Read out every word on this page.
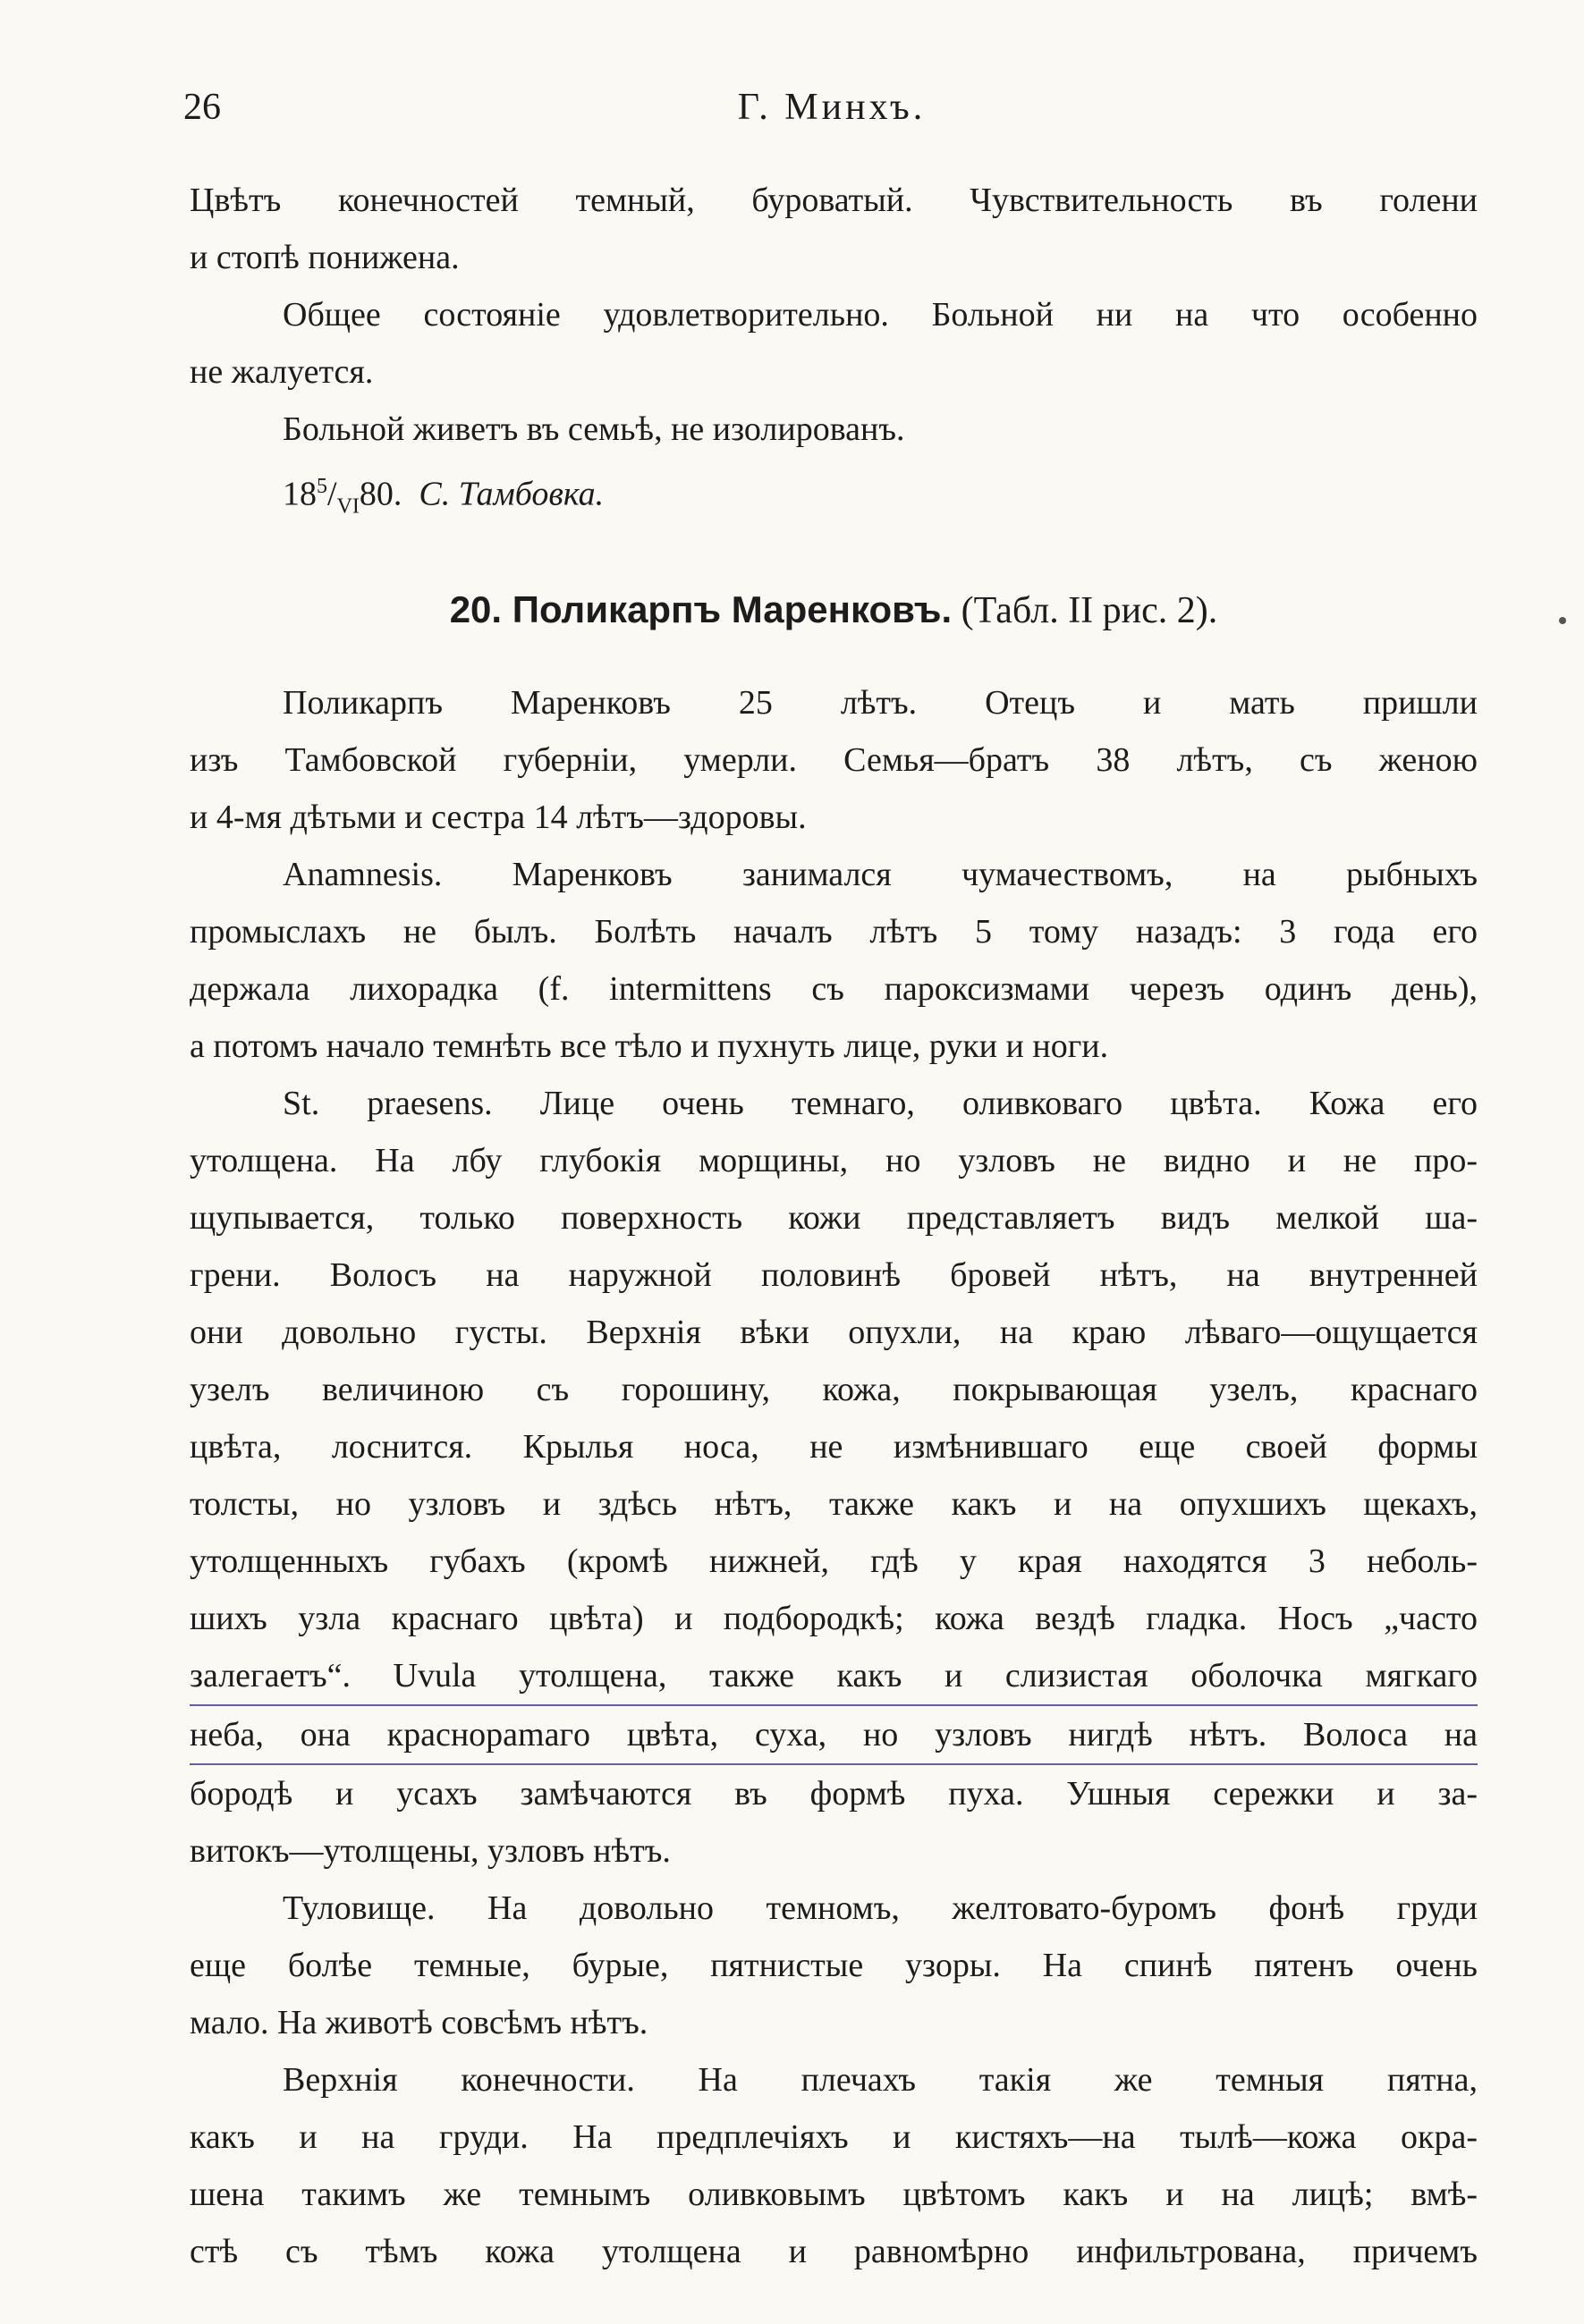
26	Г. Минхъ.
Цвѣтъ конечностей темный, буроватый. Чувствительность въ голени
и стопѣ понижена.
Общее состояніе удовлетворительно. Больной ни на что особенно
не жалуется.
Больной живетъ въ семьѣ, не изолированъ.
$18^5/_{VI}80$. С. Тамбовка.
20. Поликарпъ Маренковъ. (Табл. II рис. 2).
Поликарпъ Маренковъ 25 лѣтъ. Отецъ и мать пришли
изъ Тамбовской губерніи, умерли. Семья—братъ 38 лѣтъ, съ женою
и 4-мя дѣтьми и сестра 14 лѣтъ—здоровы.
Anamnesis. Маренковъ занимался чумачествомъ, на рыбныхъ
промыслахъ не былъ. Болѣть началъ лѣтъ 5 тому назадъ: 3 года его
держала лихорадка (f. intermittens съ пароксизмами черезъ одинъ день),
а потомъ начало темнѣть все тѣло и пухнуть лице, руки и ноги.
St. praesens. Лице очень темнаго, оливковаго цвѣта. Кожа его
утолщена. На лбу глубокія морщины, но узловъ не видно и не про-
щупывается, только поверхность кожи представляетъ видъ мелкой ша-
грени. Волосъ на наружной половинѣ бровей нѣтъ, на внутренней
они довольно густы. Верхнія вѣки опухли, на краю лѣваго—ощущается
узелъ величиною съ горошину, кожа, покрывающая узелъ, краснаго
цвѣта, лоснится. Крылья носа, не измѣнившаго еще своей формы
толсты, но узловъ и здѣсь нѣтъ, также какъ и на опухшихъ щекахъ,
утолщенныхъ губахъ (кромѣ нижней, гдѣ у края находятся 3 неболь-
шихъ узла краснаго цвѣта) и подбородкѣ; кожа вездѣ гладка. Носъ „часто
залегаетъ“. Uvula утолщена, также какъ и слизистая оболочка мягкаго
неба, она краснораmaгo цвѣта, суха, но узловъ нигдѣ нѣтъ. Волоса на
бородѣ и усахъ замѣчаются въ формѣ пуха. Ушныя сережки и за-
витокъ—утолщены, узловъ нѣтъ.
Туловище. На довольно темномъ, желтовато-буромъ фонѣ груди
еще болѣе темные, бурые, пятнистые узоры. На спинѣ пятенъ очень
мало. На животѣ совсѣмъ нѣтъ.
Верхнія конечности. На плечахъ такія же темныя пятна,
какъ и на груди. На предплечіяхъ и кистяхъ—на тылѣ—кожа окра-
шена такимъ же темнымъ оливковымъ цвѣтомъ какъ и на лицѣ; вмѣ-
стѣ съ тѣмъ кожа утолщена и равномѣрно инфильтрована, причемъ
